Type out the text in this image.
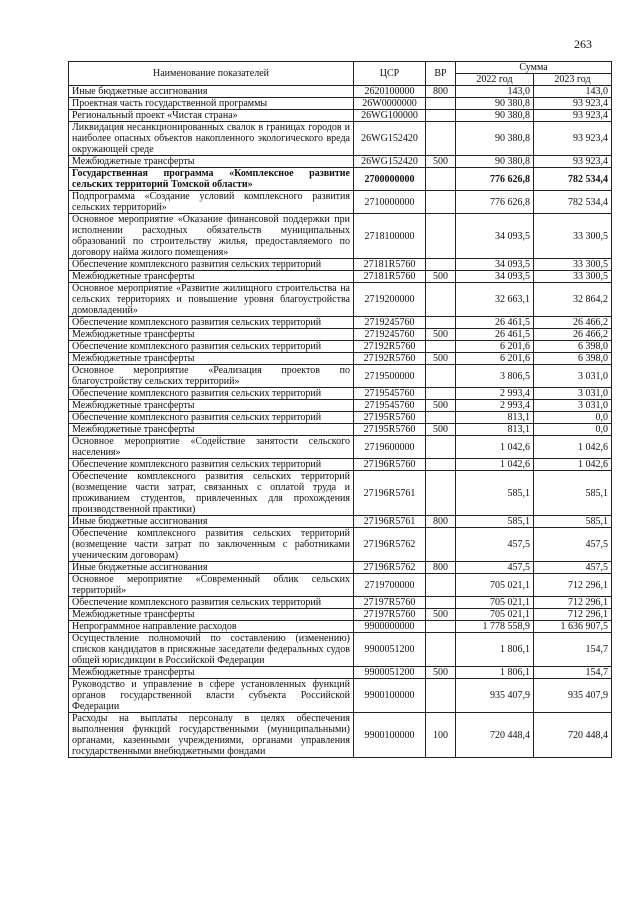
263
Наименование показателей	ЦСР	ВР	Сумма	
			2022 год	2023 год
Иные бюджетные ассигнования	2620100000	800	143,0	143,0
Проектная часть государственной программы	26W0000000		90 380,8	93 923,4
Региональный проект «Чистая страна»	26WG100000		90 380,8	93 923,4
Ликвидация несанкционированных свалок в границах городов и наиболее опасных объектов накопленного экологического вреда окружающей среде	26WG152420		90 380,8	93 923,4
Межбюджетные трансферты	26WG152420	500	90 380,8	93 923,4
Государственная программа «Комплексное развитие сельских территорий Томской области»	2700000000		776 626,8	782 534,4
Подпрограмма «Создание условий комплексного развития сельских территорий»	2710000000		776 626,8	782 534,4
Основное мероприятие «Оказание финансовой поддержки при исполнении расходных обязательств муниципальных образований по строительству жилья, предоставляемого по договору найма жилого помещения»	2718100000		34 093,5	33 300,5
Обеспечение комплексного развития сельских территорий	27181R5760		34 093,5	33 300,5
Межбюджетные трансферты	27181R5760	500	34 093,5	33 300,5
Основное мероприятие «Развитие жилищного строительства на сельских территориях и повышение уровня благоустройства домовладений»	2719200000		32 663,1	32 864,2
Обеспечение комплексного развития сельских территорий	2719245760		26 461,5	26 466,2
Межбюджетные трансферты	2719245760	500	26 461,5	26 466,2
Обеспечение комплексного развития сельских территорий	27192R5760		6 201,6	6 398,0
Межбюджетные трансферты	27192R5760	500	6 201,6	6 398,0
Основное мероприятие «Реализация проектов по благоустройству сельских территорий»	2719500000		3 806,5	3 031,0
Обеспечение комплексного развития сельских территорий	2719545760		2 993,4	3 031,0
Межбюджетные трансферты	2719545760	500	2 993,4	3 031,0
Обеспечение комплексного развития сельских территорий	27195R5760		813,1	0,0
Межбюджетные трансферты	27195R5760	500	813,1	0,0
Основное мероприятие «Содействие занятости сельского населения»	2719600000		1 042,6	1 042,6
Обеспечение комплексного развития сельских территорий	27196R5760		1 042,6	1 042,6
Обеспечение комплексного развития сельских территорий (возмещение части затрат, связанных с оплатой труда и проживанием студентов, привлеченных для прохождения производственной практики)	27196R5761		585,1	585,1
Иные бюджетные ассигнования	27196R5761	800	585,1	585,1
Обеспечение комплексного развития сельских территорий (возмещение части затрат по заключенным с работниками ученическим договорам)	27196R5762		457,5	457,5
Иные бюджетные ассигнования	27196R5762	800	457,5	457,5
Основное мероприятие «Современный облик сельских территорий»	2719700000		705 021,1	712 296,1
Обеспечение комплексного развития сельских территорий	27197R5760		705 021,1	712 296,1
Межбюджетные трансферты	27197R5760	500	705 021,1	712 296,1
Непрограммное направление расходов	9900000000		1 778 558,9	1 636 907,5
Осуществление полномочий по составлению (изменению) списков кандидатов в присяжные заседатели федеральных судов общей юрисдикции в Российской Федерации	9900051200		1 806,1	154,7
Межбюджетные трансферты	9900051200	500	1 806,1	154,7
Руководство и управление в сфере установленных функций органов государственной власти субъекта Российской Федерации	9900100000		935 407,9	935 407,9
Расходы на выплаты персоналу в целях обеспечения выполнения функций государственными (муниципальными) органами, казенными учреждениями, органами управления государственными внебюджетными фондами	9900100000	100	720 448,4	720 448,4
